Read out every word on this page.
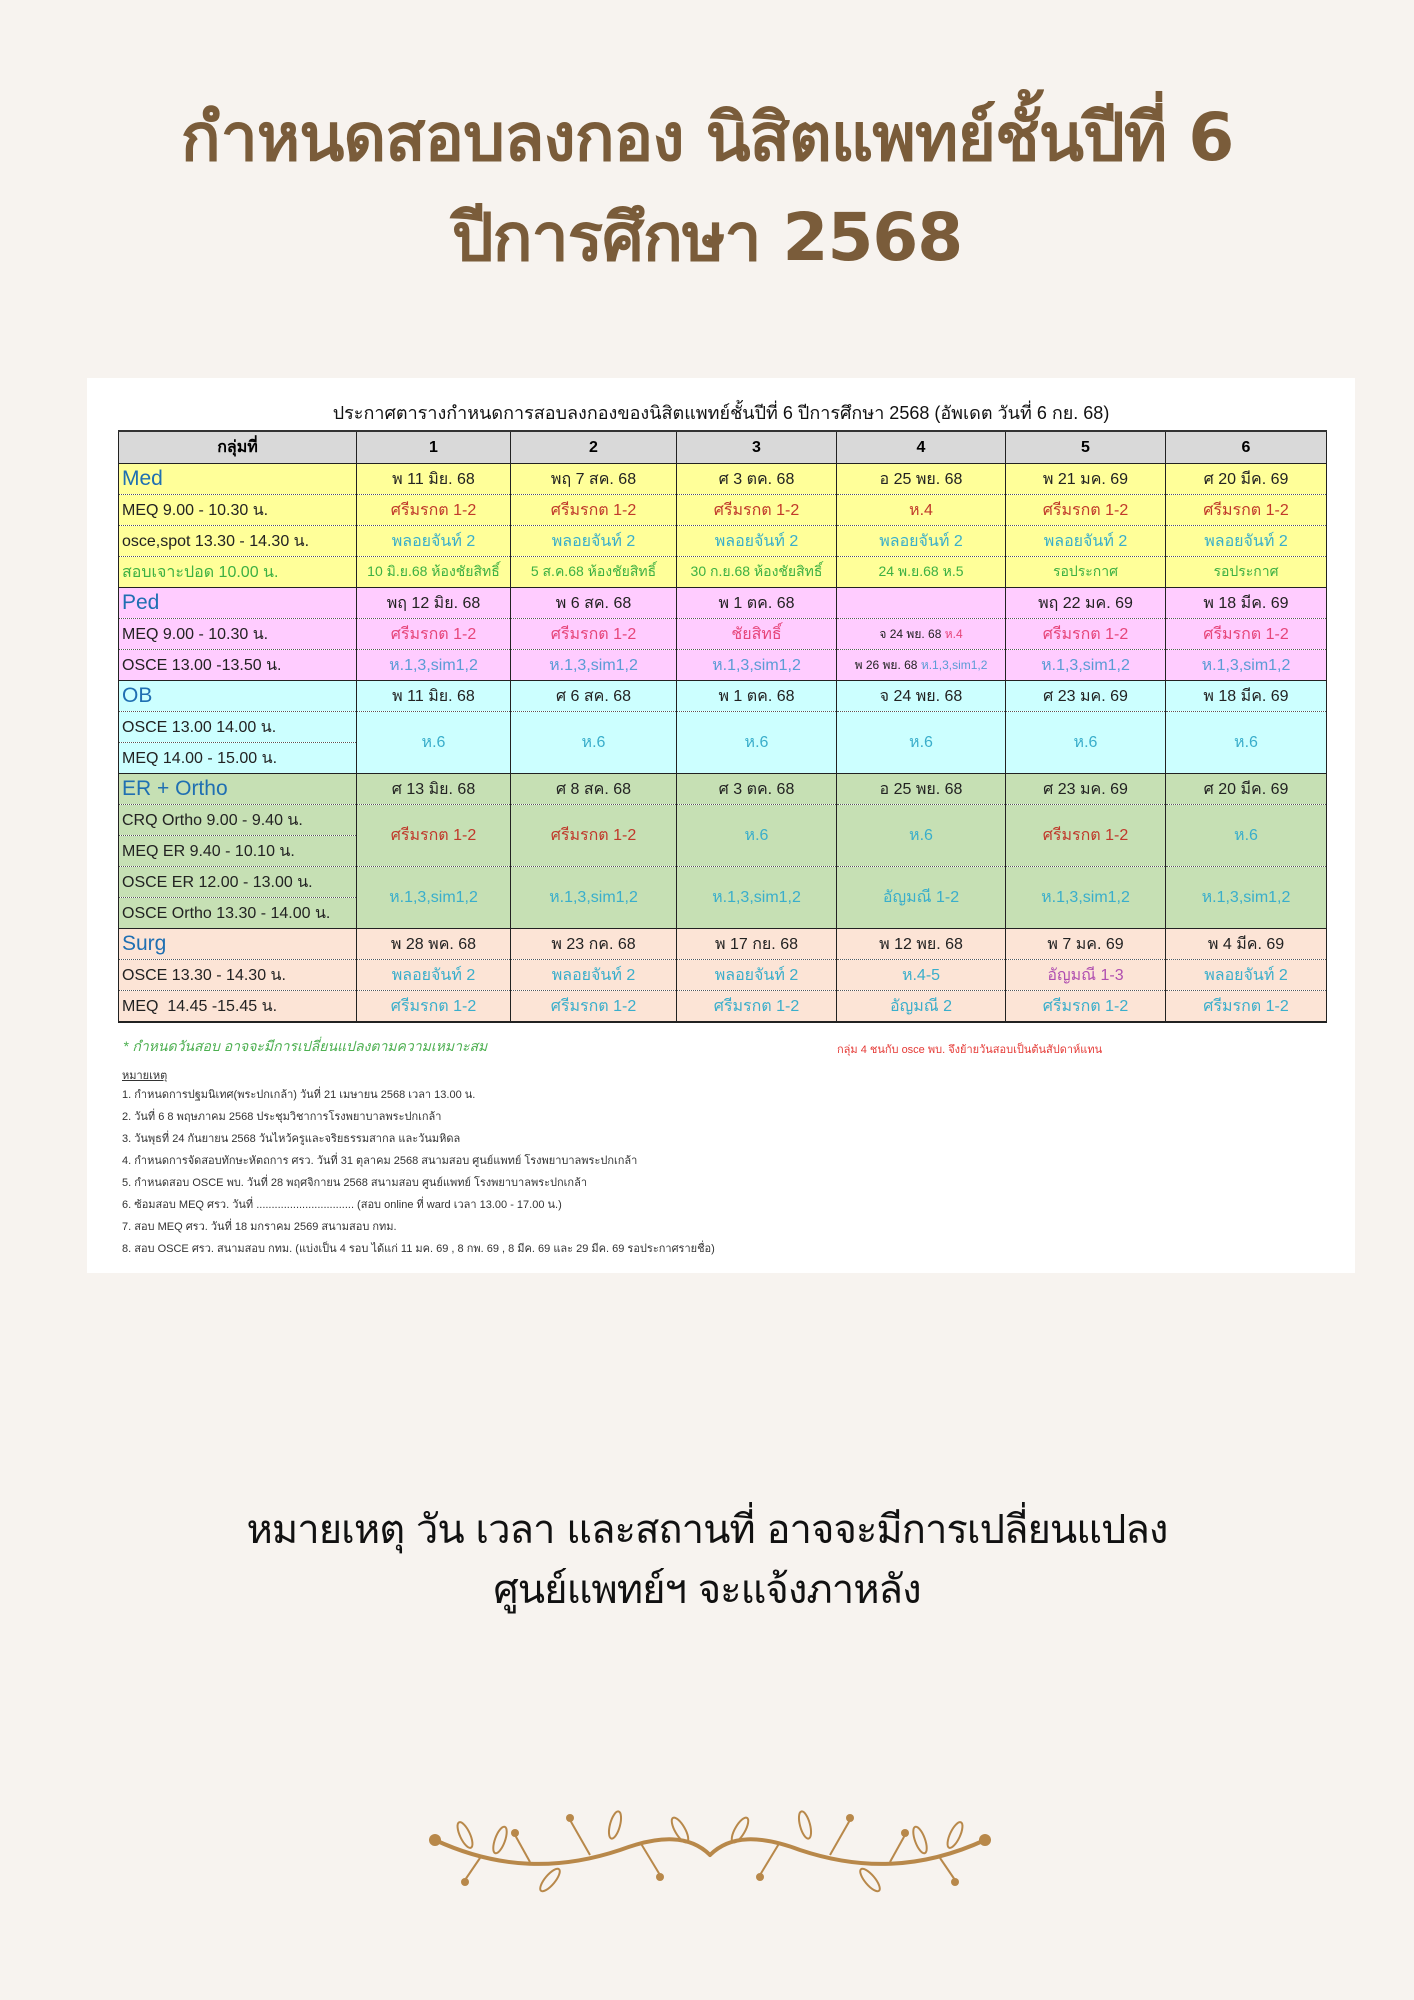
กำหนดสอบลงกอง นิสิตแพทย์ชั้นปีที่ 6
ปีการศึกษา 2568
ประกาศตารางกำหนดการสอบลงกองของนิสิตแพทย์ชั้นปีที่ 6 ปีการศึกษา 2568 (อัพเดต วันที่ 6 กย. 68)
กลุ่มที่	1	2	3	4	5	6
Med	พ 11 มิย. 68	พฤ 7 สค. 68	ศ 3 ตค. 68	อ 25 พย. 68	พ 21 มค. 69	ศ 20 มีค. 69
MEQ 9.00 - 10.30 น.	ศรีมรกต 1-2	ศรีมรกต 1-2	ศรีมรกต 1-2	ห.4	ศรีมรกต 1-2	ศรีมรกต 1-2
osce,spot 13.30 - 14.30 น.	พลอยจันท์ 2	พลอยจันท์ 2	พลอยจันท์ 2	พลอยจันท์ 2	พลอยจันท์ 2	พลอยจันท์ 2
สอบเจาะปอด 10.00 น.	10 มิ.ย.68 ห้องชัยสิทธิ์	5 ส.ค.68 ห้องชัยสิทธิ์	30 ก.ย.68 ห้องชัยสิทธิ์	24 พ.ย.68 ห.5	รอประกาศ	รอประกาศ
Ped	พฤ 12 มิย. 68	พ 6 สค. 68	พ 1 ตค. 68		พฤ 22 มค. 69	พ 18 มีค. 69
MEQ 9.00 - 10.30 น.	ศรีมรกต 1-2	ศรีมรกต 1-2	ชัยสิทธิ์	จ 24 พย. 68 ห.4	ศรีมรกต 1-2	ศรีมรกต 1-2
OSCE 13.00 -13.50 น.	ห.1,3,sim1,2	ห.1,3,sim1,2	ห.1,3,sim1,2	พ 26 พย. 68 ห.1,3,sim1,2	ห.1,3,sim1,2	ห.1,3,sim1,2
OB	พ 11 มิย. 68	ศ 6 สค. 68	พ 1 ตค. 68	จ 24 พย. 68	ศ 23 มค. 69	พ 18 มีค. 69
OSCE 13.00 14.00 น.	ห.6	ห.6	ห.6	ห.6	ห.6	ห.6
MEQ 14.00 - 15.00 น.						
ER + Ortho	ศ 13 มิย. 68	ศ 8 สค. 68	ศ 3 ตค. 68	อ 25 พย. 68	ศ 23 มค. 69	ศ 20 มีค. 69
CRQ Ortho 9.00 - 9.40 น.	ศรีมรกต 1-2	ศรีมรกต 1-2	ห.6	ห.6	ศรีมรกต 1-2	ห.6
MEQ ER 9.40 - 10.10 น.						
OSCE ER 12.00 - 13.00 น.	ห.1,3,sim1,2	ห.1,3,sim1,2	ห.1,3,sim1,2	อัญมณี 1-2	ห.1,3,sim1,2	ห.1,3,sim1,2
OSCE Ortho 13.30 - 14.00 น.						
Surg	พ 28 พค. 68	พ 23 กค. 68	พ 17 กย. 68	พ 12 พย. 68	พ 7 มค. 69	พ 4 มีค. 69
OSCE 13.30 - 14.30 น.	พลอยจันท์ 2	พลอยจันท์ 2	พลอยจันท์ 2	ห.4-5	อัญมณี 1-3	พลอยจันท์ 2
MEQ  14.45 -15.45 น.	ศรีมรกต 1-2	ศรีมรกต 1-2	ศรีมรกต 1-2	อัญมณี 2	ศรีมรกต 1-2	ศรีมรกต 1-2
* กำหนดวันสอบ อาจจะมีการเปลี่ยนแปลงตามความเหมาะสม	กลุ่ม 4 ชนกับ osce พบ. จึงย้ายวันสอบเป็นต้นสัปดาห์แทน
หมายเหตุ
1. กำหนดการปฐมนิเทศ(พระปกเกล้า) วันที่ 21 เมษายน 2568 เวลา 13.00 น.
2. วันที่ 6 8 พฤษภาคม 2568 ประชุมวิชาการโรงพยาบาลพระปกเกล้า
3. วันพุธที่ 24 กันยายน 2568 วันไหว้ครูและจริยธรรมสากล และวันมหิดล
4. กำหนดการจัดสอบทักษะหัตถการ ศรว. วันที่ 31 ตุลาคม 2568 สนามสอบ ศูนย์แพทย์ โรงพยาบาลพระปกเกล้า
5. กำหนดสอบ OSCE พบ. วันที่ 28 พฤศจิกายน 2568 สนามสอบ ศูนย์แพทย์ โรงพยาบาลพระปกเกล้า
6. ซ้อมสอบ MEQ ศรว. วันที่ ................................ (สอบ online ที่ ward เวลา 13.00 - 17.00 น.)
7. สอบ MEQ ศรว. วันที่ 18 มกราคม 2569 สนามสอบ กทม.
8. สอบ OSCE ศรว. สนามสอบ กทม. (แบ่งเป็น 4 รอบ ได้แก่ 11 มค. 69 , 8 กพ. 69 , 8 มีค. 69 และ 29 มีค. 69 รอประกาศรายชื่อ)
หมายเหตุ วัน เวลา และสถานที่ อาจจะมีการเปลี่ยนแปลง
ศูนย์แพทย์ฯ จะแจ้งภาหลัง
